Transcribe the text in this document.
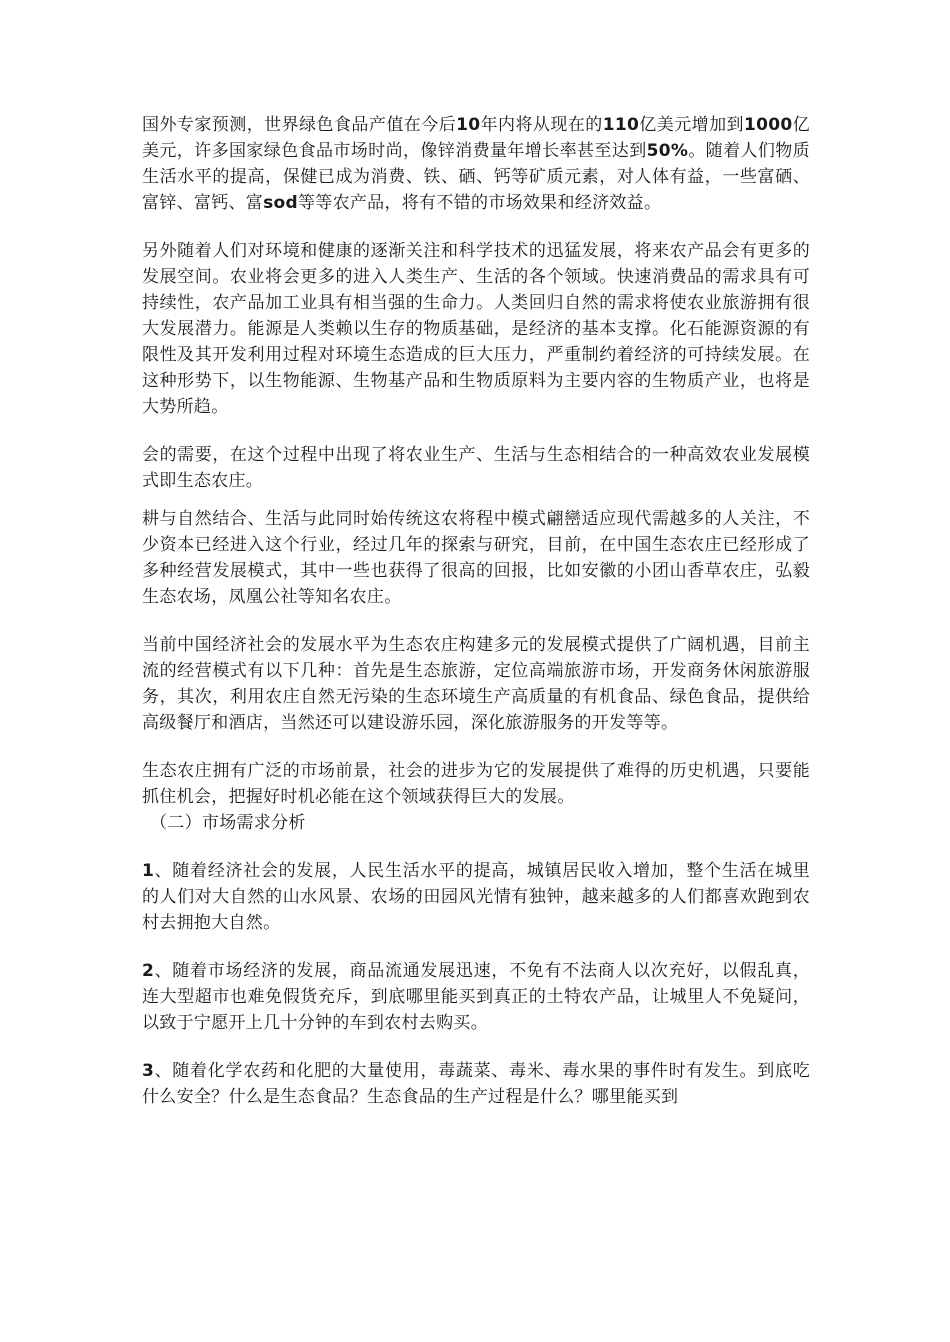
国外专家预测，世界绿色食品产值在今后10年内将从现在的110亿美元增加到1000亿美元，许多国家绿色食品市场时尚，像锌消费量年增长率甚至达到50%。随着人们物质生活水平的提高，保健已成为消费、铁、硒、钙等矿质元素，对人体有益，一些富硒、富锌、富钙、富sod等等农产品，将有不错的市场效果和经济效益。

另外随着人们对环境和健康的逐渐关注和科学技术的迅猛发展，将来农产品会有更多的发展空间。农业将会更多的进入人类生产、生活的各个领域。快速消费品的需求具有可持续性，农产品加工业具有相当强的生命力。人类回归自然的需求将使农业旅游拥有很大发展潜力。能源是人类赖以生存的物质基础，是经济的基本支撑。化石能源资源的有限性及其开发利用过程对环境生态造成的巨大压力，严重制约着经济的可持续发展。在这种形势下，以生物能源、生物基产品和生物质原料为主要内容的生物质产业，也将是大势所趋。

会的需要，在这个过程中出现了将农业生产、生活与生态相结合的一种高效农业发展模式即生态农庄。

耕与自然结合、生活与此同时始传统这农将程中模式翩巒适应现代需越多的人关注，不少资本已经进入这个行业，经过几年的探索与研究，目前，在中国生态农庄已经形成了多种经营发展模式，其中一些也获得了很高的回报，比如安徽的小团山香草农庄，弘毅生态农场，凤凰公社等知名农庄。

当前中国经济社会的发展水平为生态农庄构建多元的发展模式提供了广阔机遇，目前主流的经营模式有以下几种：首先是生态旅游，定位高端旅游市场，开发商务休闲旅游服务，其次，利用农庄自然无污染的生态环境生产高质量的有机食品、绿色食品，提供给高级餐厅和酒店，当然还可以建设游乐园，深化旅游服务的开发等等。

生态农庄拥有广泛的市场前景，社会的进步为它的发展提供了难得的历史机遇，只要能抓住机会，把握好时机必能在这个领域获得巨大的发展。

（二）市场需求分析

1、随着经济社会的发展，人民生活水平的提高，城镇居民收入增加，整个生活在城里的人们对大自然的山水风景、农场的田园风光情有独钟，越来越多的人们都喜欢跑到农村去拥抱大自然。

2、随着市场经济的发展，商品流通发展迅速，不免有不法商人以次充好，以假乱真，连大型超市也难免假货充斥，到底哪里能买到真正的土特农产品，让城里人不免疑问，以致于宁愿开上几十分钟的车到农村去购买。

3、随着化学农药和化肥的大量使用，毒蔬菜、毒米、毒水果的事件时有发生。到底吃什么安全？什么是生态食品？生态食品的生产过程是什么？哪里能买到
